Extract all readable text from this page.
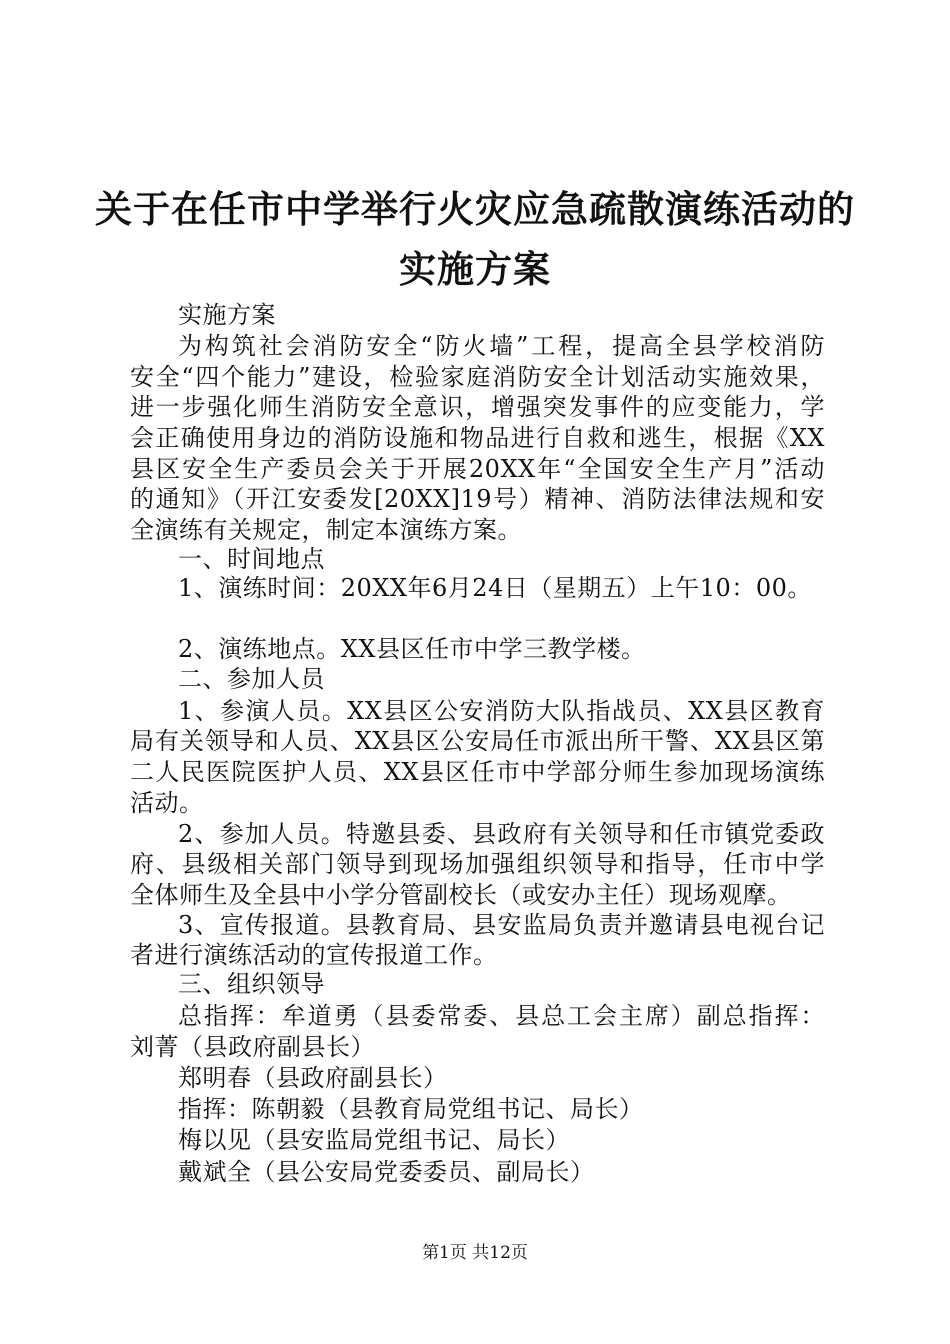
关于在任市中学举行火灾应急疏散演练活动的
实施方案
实施方案
为构筑社会消防安全“防火墙”工程，提高全县学校消防
安全“四个能力”建设，检验家庭消防安全计划活动实施效果，
进一步强化师生消防安全意识，增强突发事件的应变能力，学
会正确使用身边的消防设施和物品进行自救和逃生，根据《XX
县区安全生产委员会关于开展20XX年“全国安全生产月”活动
的通知》（开江安委发[20XX]19号）精神、消防法律法规和安
全演练有关规定，制定本演练方案。
一、时间地点
1、演练时间：20XX年6月24日（星期五）上午10：00。
2、演练地点。XX县区任市中学三教学楼。
二、参加人员
1、参演人员。XX县区公安消防大队指战员、XX县区教育
局有关领导和人员、XX县区公安局任市派出所干警、XX县区第
二人民医院医护人员、XX县区任市中学部分师生参加现场演练
活动。
2、参加人员。特邀县委、县政府有关领导和任市镇党委政
府、县级相关部门领导到现场加强组织领导和指导，任市中学
全体师生及全县中小学分管副校长（或安办主任）现场观摩。
3、宣传报道。县教育局、县安监局负责并邀请县电视台记
者进行演练活动的宣传报道工作。
三、组织领导
总指挥：牟道勇（县委常委、县总工会主席）副总指挥：
刘菁（县政府副县长）
郑明春（县政府副县长）
指挥：陈朝毅（县教育局党组书记、局长）
梅以见（县安监局党组书记、局长）
戴斌全（县公安局党委委员、副局长）
第1页 共12页
